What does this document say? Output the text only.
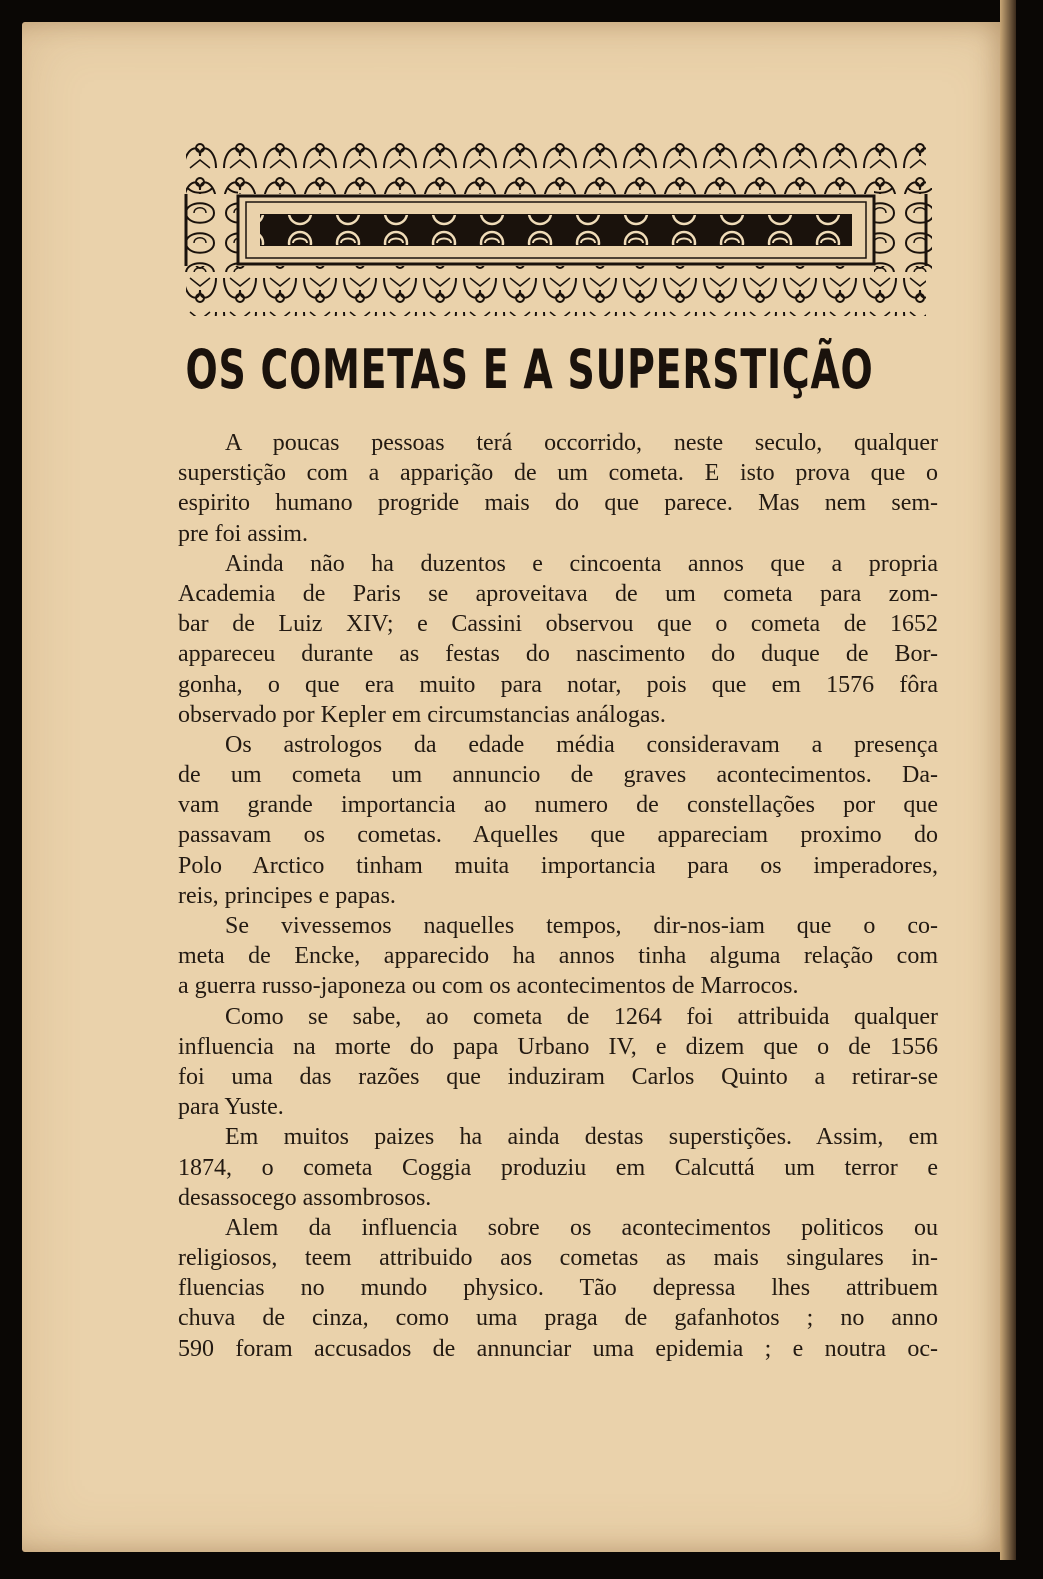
OS COMETAS E A SUPERSTIÇÃO
A poucas pessoas terá occorrido, neste seculo, qualquer
superstição com a apparição de um cometa. E isto prova que o
espirito humano progride mais do que parece. Mas nem sem-
pre foi assim.
Ainda não ha duzentos e cincoenta annos que a propria
Academia de Paris se aproveitava de um cometa para zom-
bar de Luiz XIV; e Cassini observou que o cometa de 1652
appareceu durante as festas do nascimento do duque de Bor-
gonha, o que era muito para notar, pois que em 1576 fôra
observado por Kepler em circumstancias análogas.
Os astrologos da edade média consideravam a presença
de um cometa um annuncio de graves acontecimentos. Da-
vam grande importancia ao numero de constellações por que
passavam os cometas. Aquelles que appareciam proximo do
Polo Arctico tinham muita importancia para os imperadores,
reis, principes e papas.
Se vivessemos naquelles tempos, dir-nos-iam que o co-
meta de Encke, apparecido ha annos tinha alguma relação com
a guerra russo-japoneza ou com os acontecimentos de Marrocos.
Como se sabe, ao cometa de 1264 foi attribuida qualquer
influencia na morte do papa Urbano IV, e dizem que o de 1556
foi uma das razões que induziram Carlos Quinto a retirar-se
para Yuste.
Em muitos paizes ha ainda destas superstições. Assim, em
1874, o cometa Coggia produziu em Calcuttá um terror e
desassocego assombrosos.
Alem da influencia sobre os acontecimentos politicos ou
religiosos, teem attribuido aos cometas as mais singulares in-
fluencias no mundo physico. Tão depressa lhes attribuem
chuva de cinza, como uma praga de gafanhotos ; no anno
590 foram accusados de annunciar uma epidemia ; e noutra oc-
